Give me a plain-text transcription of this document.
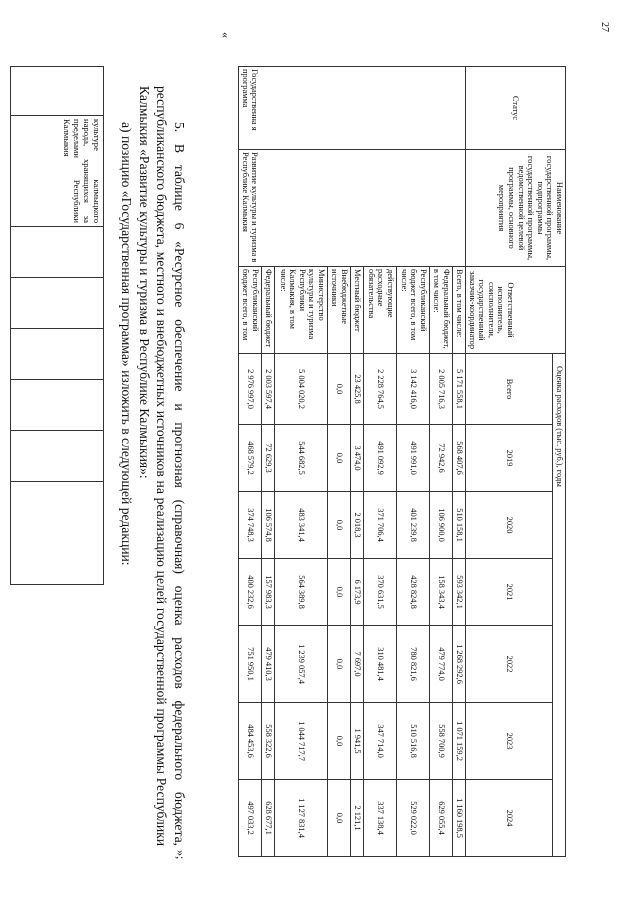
27
	культуре калмыцкого народа, хранящихся за пределами Республики Калмыкия						
»;

5. В таблице 6 «Ресурсное обеспечение и прогнозная (справочная) оценка расходов федерального бюджета, республиканского бюджета, местного и внебюджетных источников на реализацию целей государственной программы Республики Калмыкия «Развитие культуры и туризма в Республике Калмыкия»:

а) позицию «Государственная программа» изложить в следующей редакции:

«
Статус	Наименование государственной программы, подпрограммы государственной программы, ведомственной целевой программы, основного мероприятия	Ответственный исполнитель, соисполнители, государственный заказчик-координатор	Оценка расходов (тыс. руб.), годы						
			Всего	2019	2020	2021	2022	2023	2024
Государственна я программа	Развитие культуры и туризма в Республике Калмыкия	Всего, в том числе:	5 171 558,1	568 407,6	510 158,1	593 342,1	1 268 292,6	1 071 159,2	1 160 198,5
		Федеральный бюджет, в том числе:	2 005 716,3	72 942,6	106 900,0	158 343,4	479 774,0	558 700,9	629 055,4
		Республиканский бюджет всего, в том числе:	3 142 416,0	491 991,0	401 239,8	428 824,8	780 821,6	510 516,8	529 022,0
		действующие расходные обязательства	2 228 764,5	491 092,9	371 706,4	370 631,5	310 481,4	347 714,0	337 138,4
		Местный бюджет	23 425,8	3 474,0	2 018,3	6 173,9	7 697,0	1 941,5	2 121,1
		Внебюджетные источники	0,0	0,0	0,0	0,0	0,0	0,0	0,0
		Министерство культуры и туризма Республики Калмыкия, в том числе:	5 004 020,2	544 682,5	483 341,4	564 389,8	1 239 057,4	1 044 717,7	1 127 831,4
		Федеральный бюджет	2 003 597,4	72 629,3	106 574,8	157 983,3	479 410,3	558 322,6	628 677,1
		Республиканский бюджет всего, в том	2 976 997,0	468 579,2	374 748,3	400 232,6	751 950,1	484 453,6	497 033,2
